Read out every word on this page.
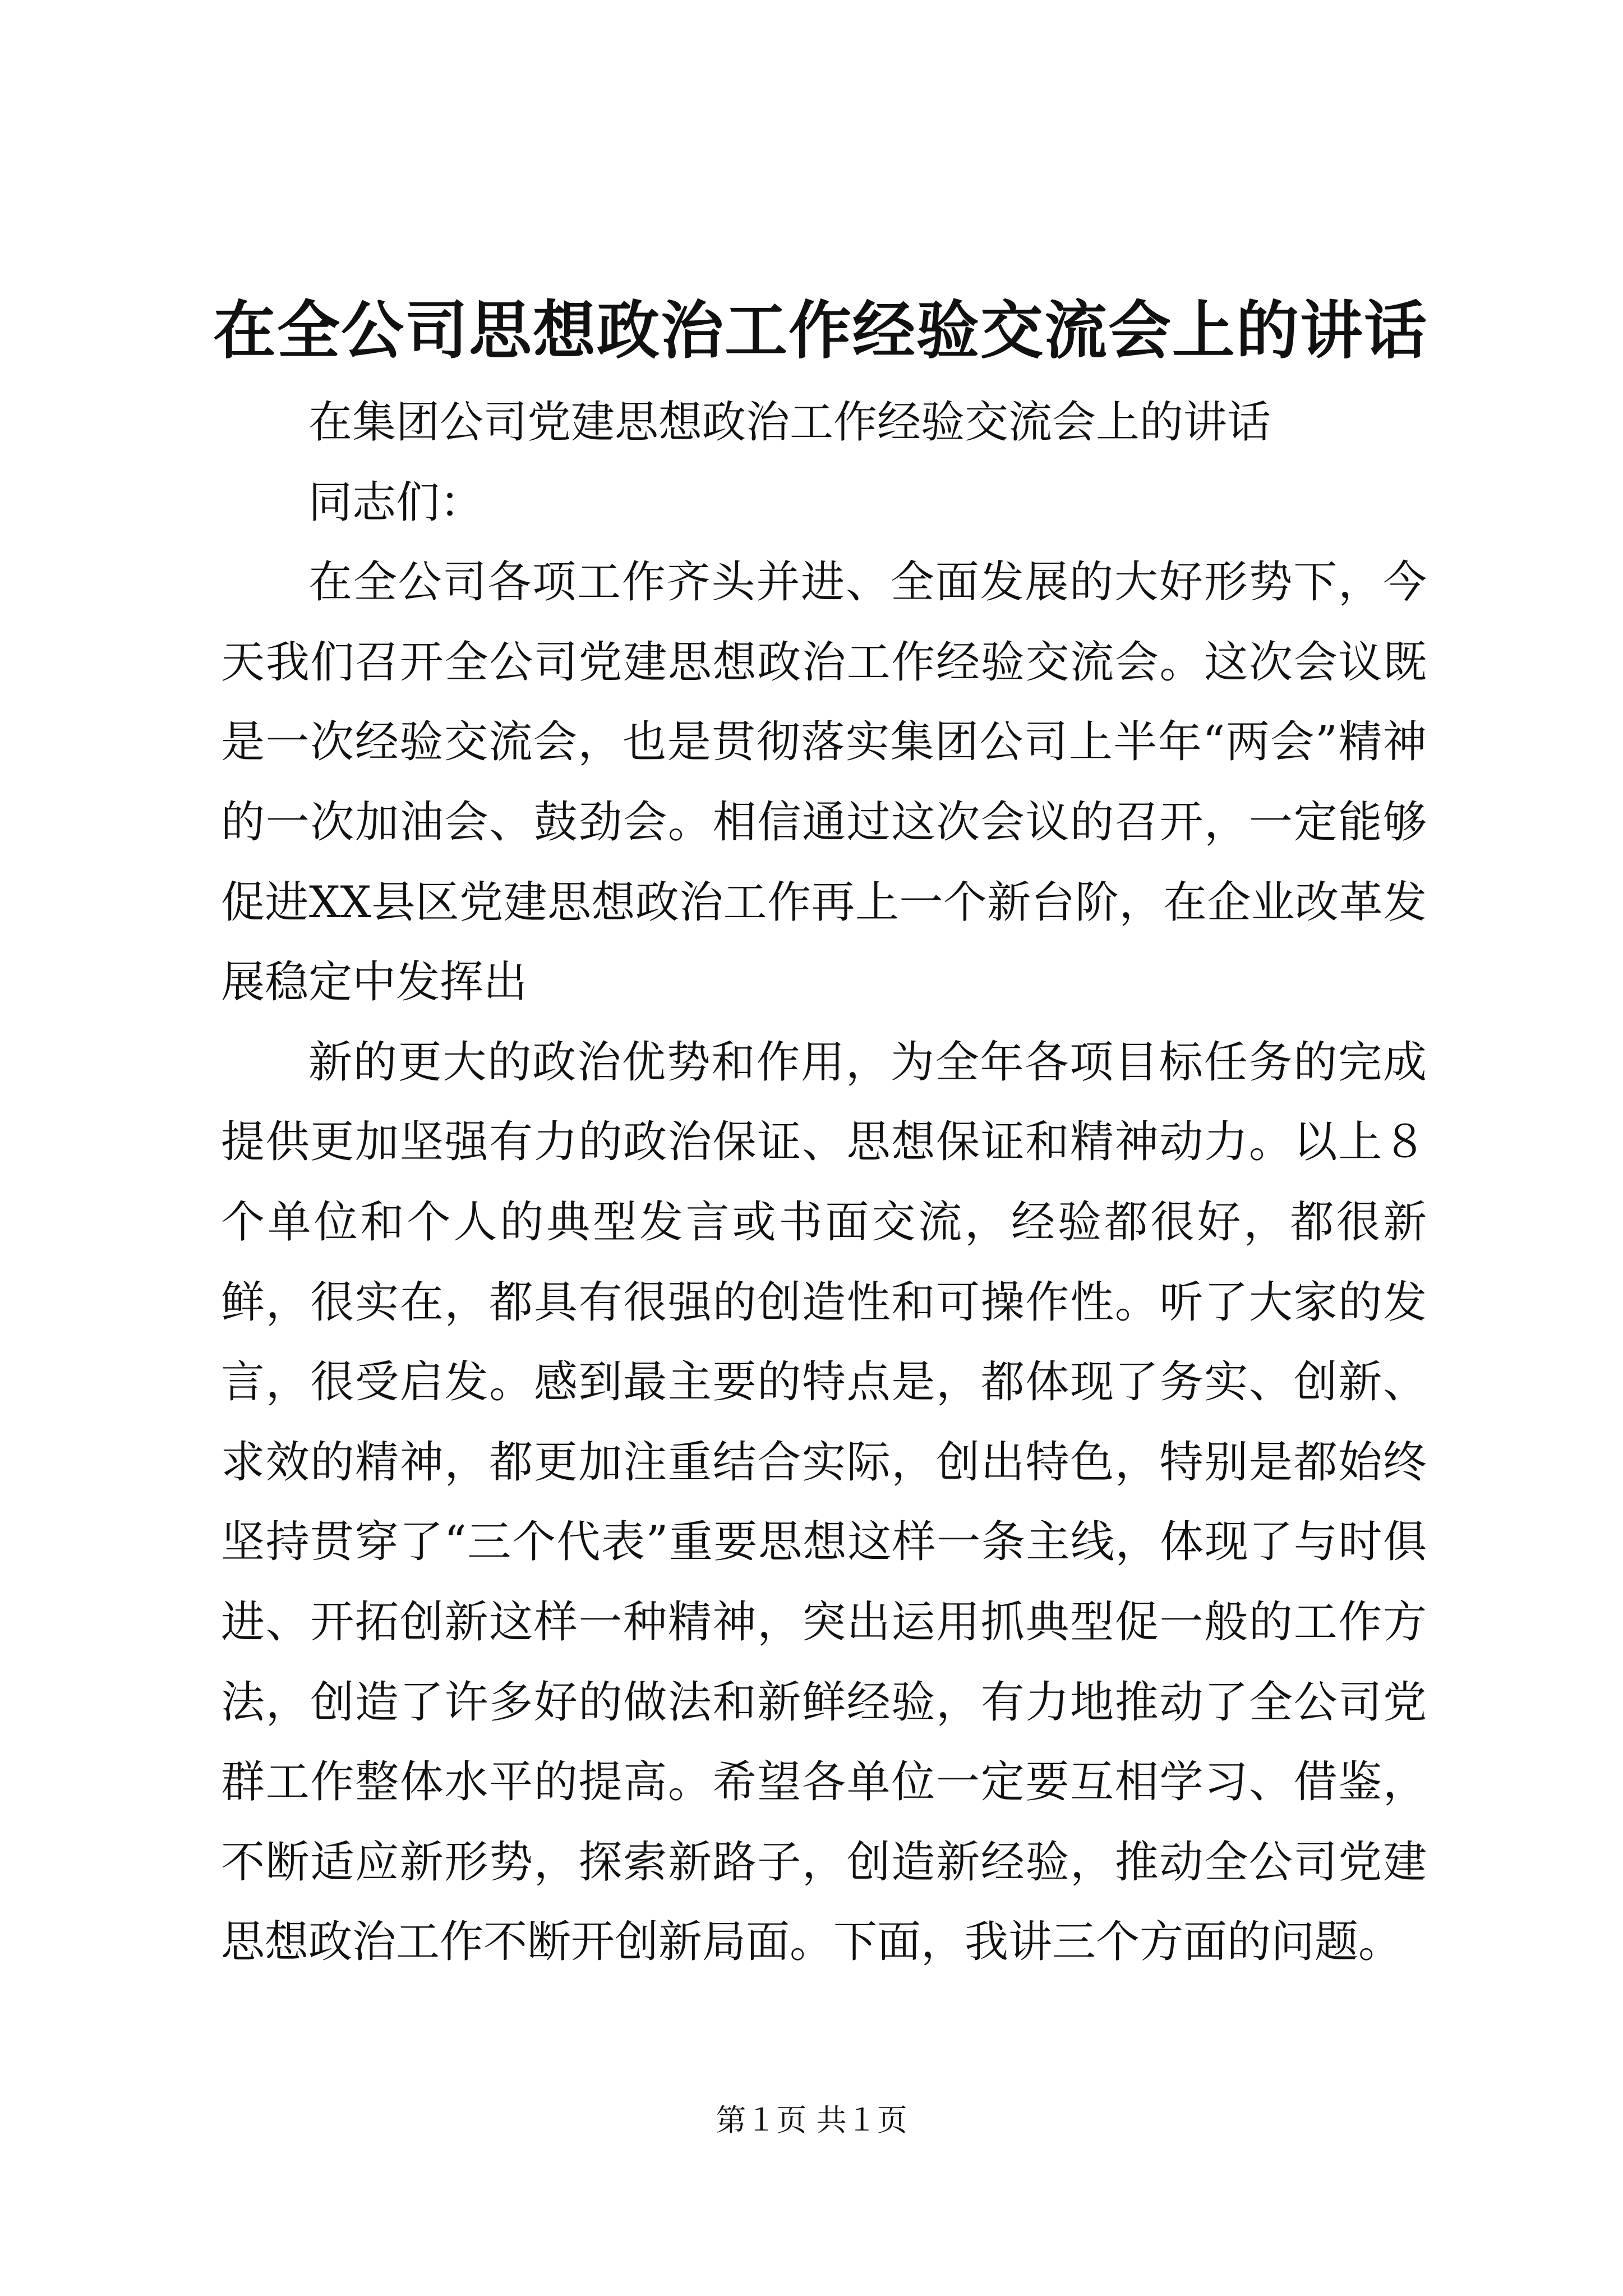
在全公司思想政治工作经验交流会上的讲话

在集团公司党建思想政治工作经验交流会上的讲话

同志们：

在全公司各项工作齐头并进、全面发展的大好形势下，今天我们召开全公司党建思想政治工作经验交流会。这次会议既是一次经验交流会，也是贯彻落实集团公司上半年“两会”精神的一次加油会、鼓劲会。相信通过这次会议的召开，一定能够促进XX县区党建思想政治工作再上一个新台阶，在企业改革发展稳定中发挥出

新的更大的政治优势和作用，为全年各项目标任务的完成提供更加坚强有力的政治保证、思想保证和精神动力。以上８个单位和个人的典型发言或书面交流，经验都很好，都很新鲜，很实在，都具有很强的创造性和可操作性。听了大家的发言，很受启发。感到最主要的特点是，都体现了务实、创新、求效的精神，都更加注重结合实际，创出特色，特别是都始终坚持贯穿了“三个代表”重要思想这样一条主线，体现了与时俱进、开拓创新这样一种精神，突出运用抓典型促一般的工作方法，创造了许多好的做法和新鲜经验，有力地推动了全公司党群工作整体水平的提高。希望各单位一定要互相学习、借鉴，不断适应新形势，探索新路子，创造新经验，推动全公司党建思想政治工作不断开创新局面。下面，我讲三个方面的问题。

第１页 共１页
